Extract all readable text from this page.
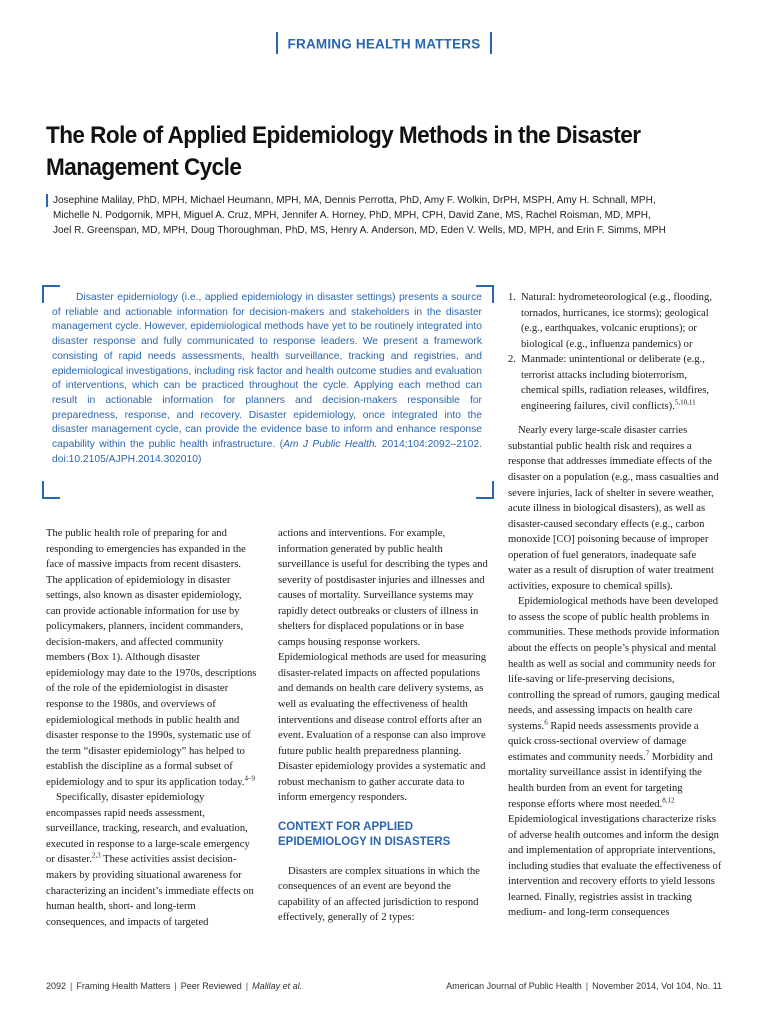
FRAMING HEALTH MATTERS
The Role of Applied Epidemiology Methods in the Disaster
Management Cycle
Josephine Malilay, PhD, MPH, Michael Heumann, MPH, MA, Dennis Perrotta, PhD, Amy F. Wolkin, DrPH, MSPH, Amy H. Schnall, MPH,
Michelle N. Podgornik, MPH, Miguel A. Cruz, MPH, Jennifer A. Horney, PhD, MPH, CPH, David Zane, MS, Rachel Roisman, MD, MPH,
Joel R. Greenspan, MD, MPH, Doug Thoroughman, PhD, MS, Henry A. Anderson, MD, Eden V. Wells, MD, MPH, and Erin F. Simms, MPH
Disaster epidemiology (i.e., applied epidemiology in disaster settings) presents a source of reliable and actionable information for decision-makers and stakeholders in the disaster management cycle. However, epidemiological methods have yet to be routinely integrated into disaster response and fully communicated to response leaders. We present a framework consisting of rapid needs assessments, health surveillance, tracking and registries, and epidemiological investigations, including risk factor and health outcome studies and evaluation of interventions, which can be practiced throughout the cycle. Applying each method can result in actionable information for planners and decision-makers responsible for preparedness, response, and recovery. Disaster epidemiology, once integrated into the disaster management cycle, can provide the evidence base to inform and enhance response capability within the public health infrastructure. (Am J Public Health. 2014;104:2092–2102. doi:10.2105/AJPH.2014.302010)

The public health role of preparing for and responding to emergencies has expanded in the face of massive impacts from recent disasters. The application of epidemiology in disaster settings, also known as disaster epidemiology, can provide actionable information for use by policymakers, planners, incident commanders, decision-makers, and affected community members (Box 1). Although disaster epidemiology may date to the 1970s, descriptions of the role of the epidemiologist in disaster response to the 1980s, and overviews of epidemiological methods in public health and disaster response to the 1990s, systematic use of the term “disaster epidemiology” has helped to establish the discipline as a formal subset of epidemiology and to spur its application today.$^{4-9}$

Specifically, disaster epidemiology encompasses rapid needs assessment, surveillance, tracking, research, and evaluation, executed in response to a large-scale emergency or disaster.$^{2,3}$ These activities assist decision-makers by providing situational awareness for characterizing an incident’s immediate effects on human health, short- and long-term consequences, and impacts of targeted

actions and interventions. For example, information generated by public health surveillance is useful for describing the types and severity of postdisaster injuries and illnesses and causes of mortality. Surveillance systems may rapidly detect outbreaks or clusters of illness in shelters for displaced populations or in base camps housing response workers. Epidemiological methods are used for measuring disaster-related impacts on affected populations and demands on health care delivery systems, as well as evaluating the effectiveness of health interventions and disease control efforts after an event. Evaluation of a response can also improve future public health preparedness planning. Disaster epidemiology provides a systematic and robust mechanism to gather accurate data to inform emergency responders.

CONTEXT FOR APPLIED
EPIDEMIOLOGY IN DISASTERS

Disasters are complex situations in which the consequences of an event are beyond the capability of an affected jurisdiction to respond effectively, generally of 2 types:

1. Natural: hydrometeorological (e.g., flooding, tornados, hurricanes, ice storms); geological (e.g., earthquakes, volcanic eruptions); or biological (e.g., influenza pandemics) or
2. Manmade: unintentional or deliberate (e.g., terrorist attacks including bioterrorism, chemical spills, radiation releases, wildfires, engineering failures, civil conflicts).$^{5,10,11}$

Nearly every large-scale disaster carries substantial public health risk and requires a response that addresses immediate effects of the disaster on a population (e.g., mass casualties and severe injuries, lack of shelter in severe weather, acute illness in biological disasters), as well as disaster-caused secondary effects (e.g., carbon monoxide [CO] poisoning because of improper operation of fuel generators, inadequate safe water as a result of disruption of water treatment activities, exposure to chemical spills).

Epidemiological methods have been developed to assess the scope of public health problems in communities. These methods provide information about the effects on people’s physical and mental health as well as social and community needs for life-saving or life-preserving decisions, controlling the spread of rumors, gauging medical needs, and assessing impacts on health care systems.$^6$ Rapid needs assessments provide a quick cross-sectional overview of damage estimates and community needs.$^7$ Morbidity and mortality surveillance assist in identifying the health burden from an event for targeting response efforts where most needed.$^{8,12}$ Epidemiological investigations characterize risks of adverse health outcomes and inform the design and implementation of appropriate interventions, including studies that evaluate the effectiveness of intervention and recovery efforts to yield lessons learned. Finally, registries assist in tracking medium- and long-term consequences

2092 | Framing Health Matters | Peer Reviewed | Malilay et al.	American Journal of Public Health | November 2014, Vol 104, No. 11
